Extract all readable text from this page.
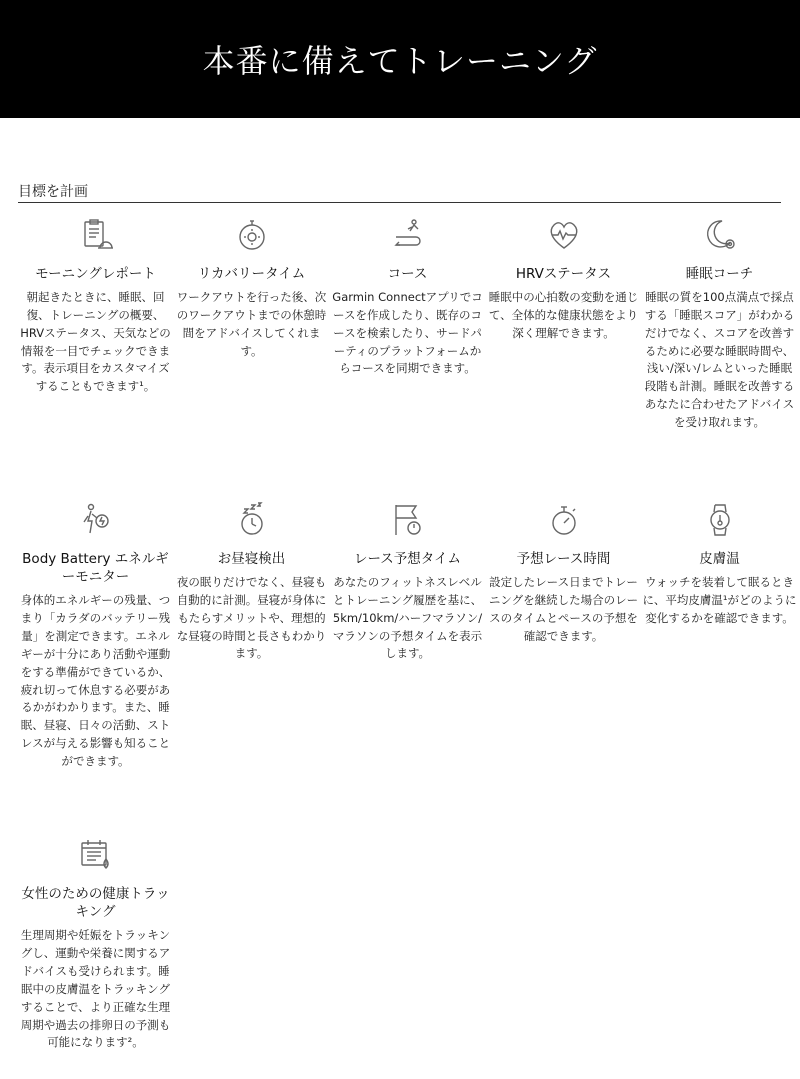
本番に備えてトレーニング
目標を計画
モーニングレポート

朝起きたときに、睡眠、回復、トレーニングの概要、HRVステータス、天気などの情報を一目でチェックできます。表示項目をカスタマイズすることもできます¹。

リカバリータイム

ワークアウトを行った後、次のワークアウトまでの休憩時間をアドバイスしてくれます。

コース

Garmin Connectアプリでコースを作成したり、既存のコースを検索したり、サードパーティのプラットフォームからコースを同期できます。

HRVステータス

睡眠中の心拍数の変動を通じて、全体的な健康状態をより深く理解できます。

睡眠コーチ

睡眠の質を100点満点で採点する「睡眠スコア」がわかるだけでなく、スコアを改善するために必要な睡眠時間や、浅い/深い/レムといった睡眠段階も計測。睡眠を改善するあなたに合わせたアドバイスを受け取れます。

Body Battery エネルギーモニター

身体的エネルギーの残量、つまり「カラダのバッテリー残量」を測定できます。エネルギーが十分にあり活動や運動をする準備ができているか、疲れ切って休息する必要があるかがわかります。また、睡眠、昼寝、日々の活動、ストレスが与える影響も知ることができます。

お昼寝検出

夜の眠りだけでなく、昼寝も自動的に計測。昼寝が身体にもたらすメリットや、理想的な昼寝の時間と長さもわかります。

レース予想タイム

あなたのフィットネスレベルとトレーニング履歴を基に、5km/10km/ハーフマラソン/マラソンの予想タイムを表示します。

予想レース時間

設定したレース日までトレーニングを継続した場合のレースのタイムとペースの予想を確認できます。

皮膚温

ウォッチを装着して眠るときに、平均皮膚温¹がどのように変化するかを確認できます。

女性のための健康トラッキング

生理周期や妊娠をトラッキングし、運動や栄養に関するアドバイスも受けられます。睡眠中の皮膚温をトラッキングすることで、より正確な生理周期や過去の排卵日の予測も可能になります²。
